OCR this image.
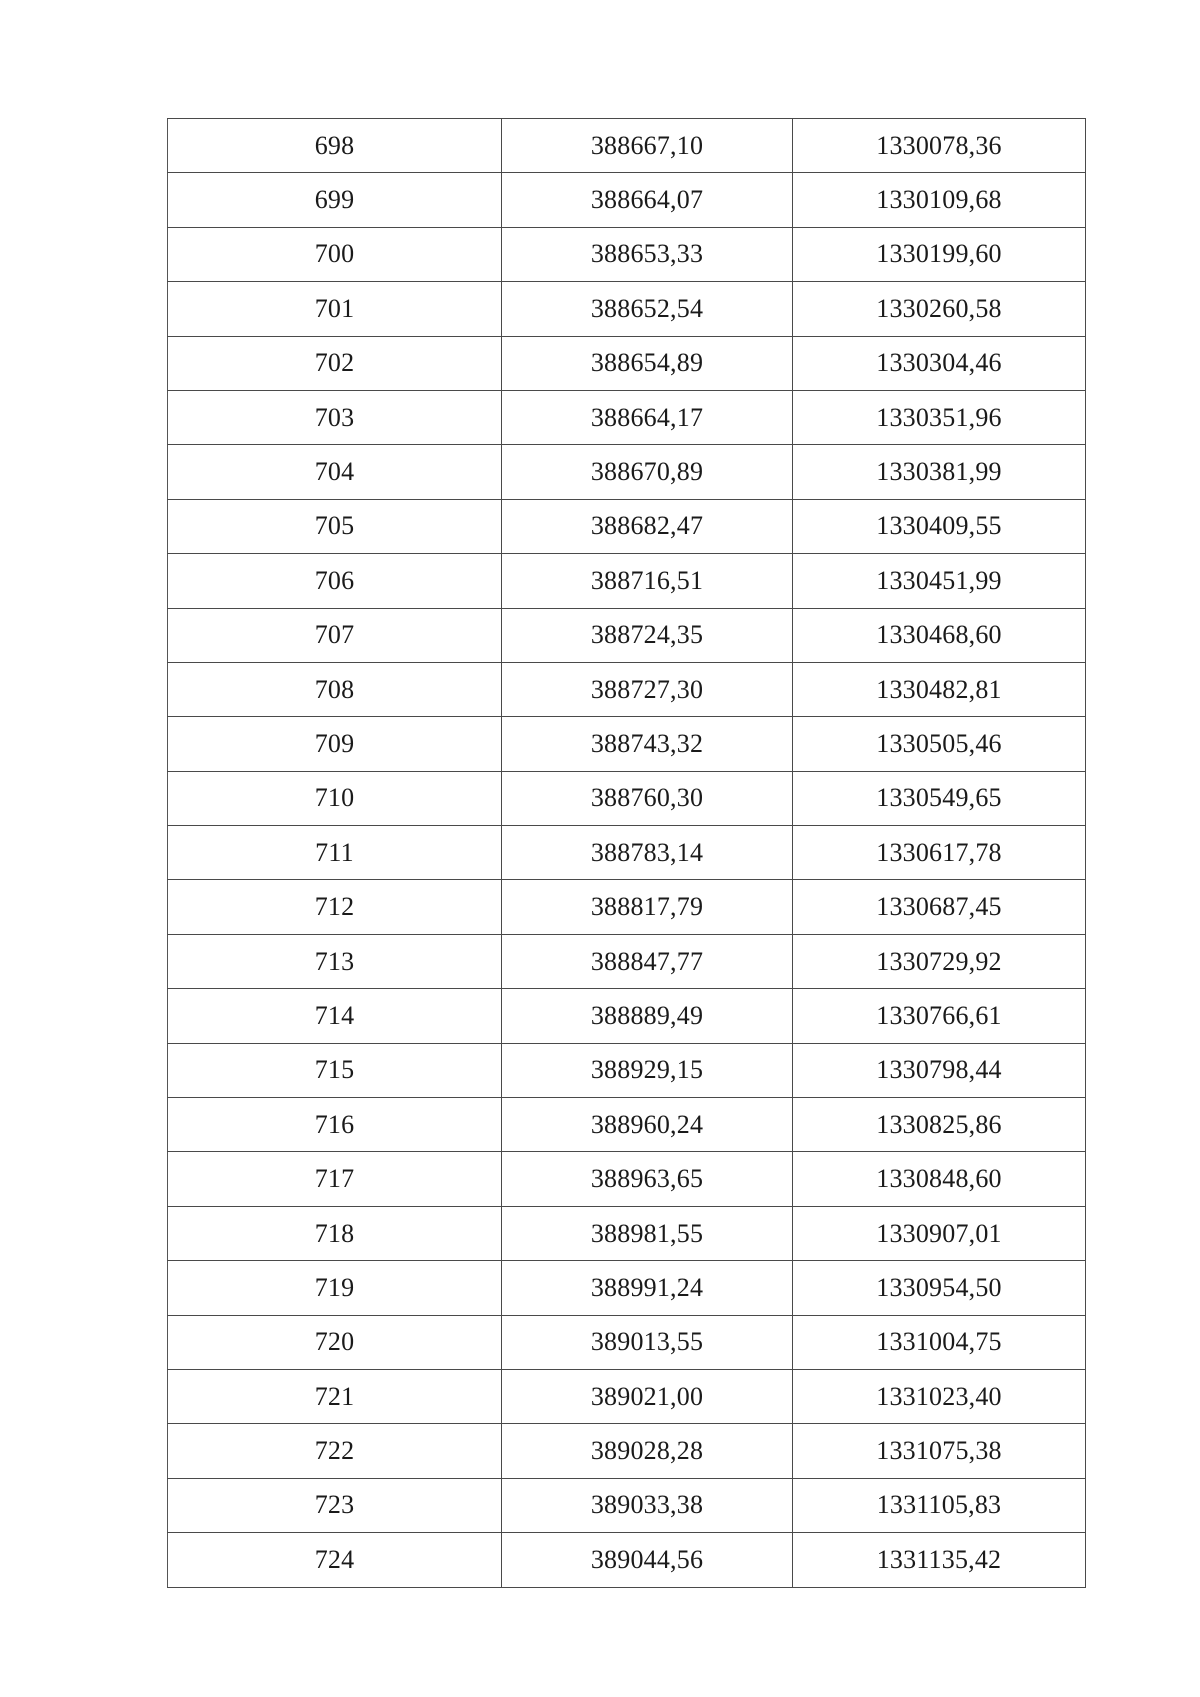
698	388667,10	1330078,36
699	388664,07	1330109,68
700	388653,33	1330199,60
701	388652,54	1330260,58
702	388654,89	1330304,46
703	388664,17	1330351,96
704	388670,89	1330381,99
705	388682,47	1330409,55
706	388716,51	1330451,99
707	388724,35	1330468,60
708	388727,30	1330482,81
709	388743,32	1330505,46
710	388760,30	1330549,65
711	388783,14	1330617,78
712	388817,79	1330687,45
713	388847,77	1330729,92
714	388889,49	1330766,61
715	388929,15	1330798,44
716	388960,24	1330825,86
717	388963,65	1330848,60
718	388981,55	1330907,01
719	388991,24	1330954,50
720	389013,55	1331004,75
721	389021,00	1331023,40
722	389028,28	1331075,38
723	389033,38	1331105,83
724	389044,56	1331135,42
